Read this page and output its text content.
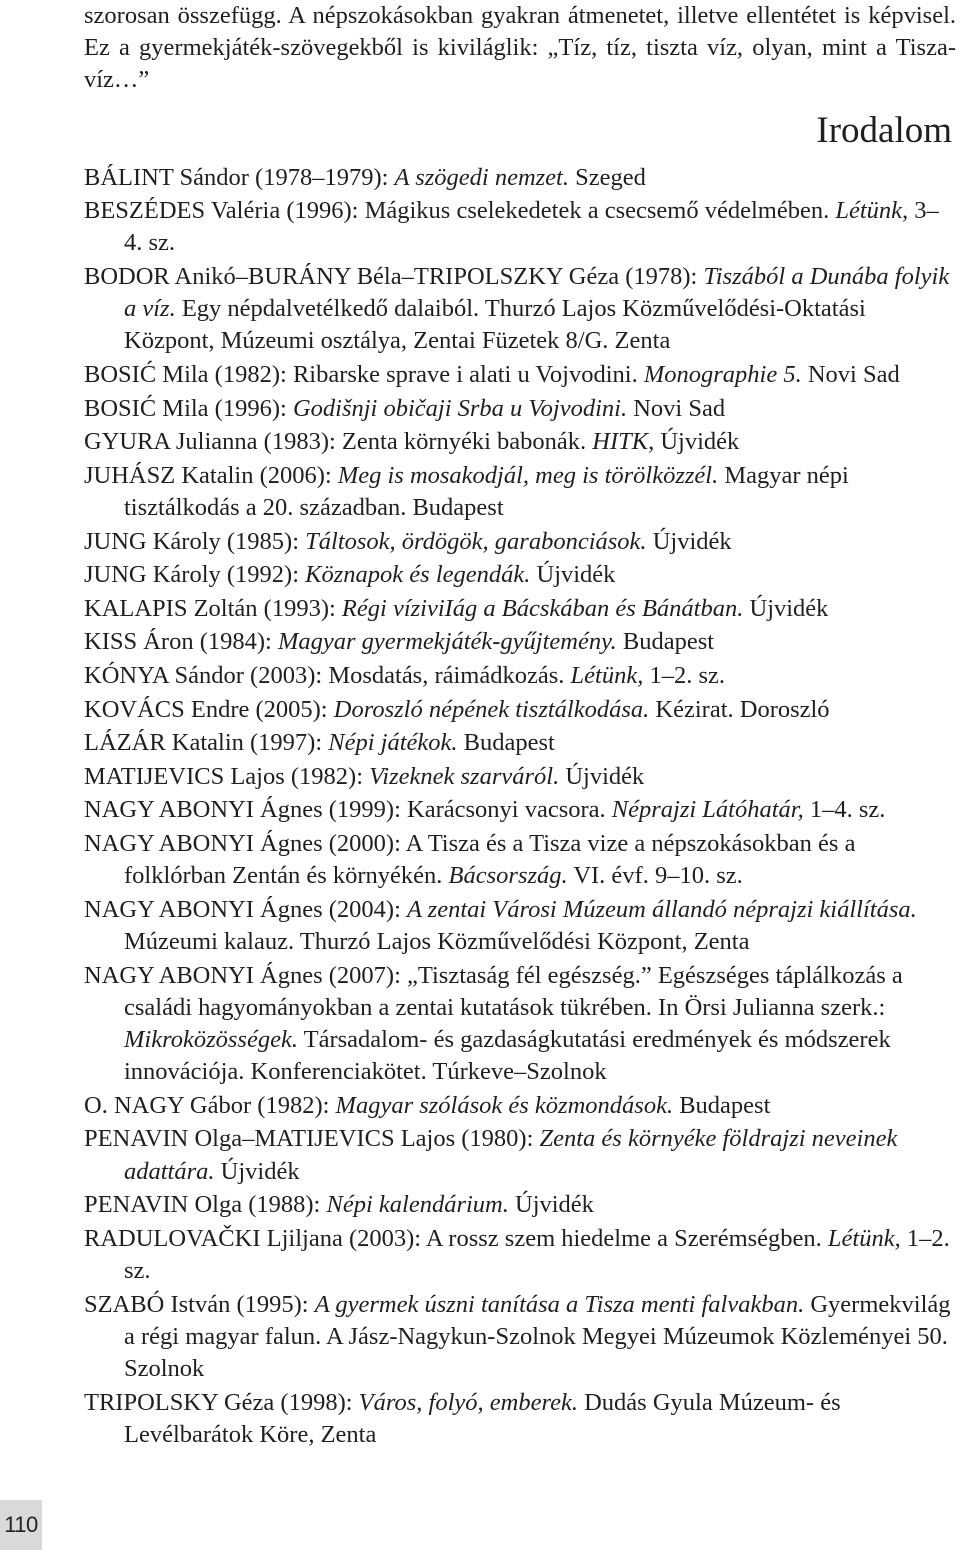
110

szorosan összefügg. A népszokásokban gyakran átmenetet, illetve ellentétet is képvisel. Ez a gyermekjáték-szövegekből is kiviláglik: „Tíz, tíz, tiszta víz, olyan, mint a Tisza-víz…”

Irodalom

BÁLINT Sándor (1978–1979): A szögedi nemzet. Szeged

BESZÉDES Valéria (1996): Mágikus cselekedetek a csecsemő védelmében. Létünk, 3–4. sz.

BODOR Anikó–BURÁNY Béla–TRIPOLSZKY Géza (1978): Tiszából a Dunába folyik a víz. Egy népdalvetélkedő dalaiból. Thurzó Lajos Közművelődési-Oktatási Központ, Múzeumi osztálya, Zentai Füzetek 8/G. Zenta

BOSIĆ Mila (1982): Ribarske sprave i alati u Vojvodini. Monographie 5. Novi Sad

BOSIĆ Mila (1996): Godišnji običaji Srba u Vojvodini. Novi Sad

GYURA Julianna (1983): Zenta környéki babonák. HITK, Újvidék

JUHÁSZ Katalin (2006): Meg is mosakodjál, meg is törölközzél. Magyar népi tisztálkodás a 20. században. Budapest

JUNG Károly (1985): Táltosok, ördögök, garabonciások. Újvidék

JUNG Károly (1992): Köznapok és legendák. Újvidék

KALAPIS Zoltán (1993): Régi víziviIág a Bácskában és Bánátban. Újvidék

KISS Áron (1984): Magyar gyermekjáték-gyűjtemény. Budapest

KÓNYA Sándor (2003): Mosdatás, ráimádkozás. Létünk, 1–2. sz.

KOVÁCS Endre (2005): Doroszló népének tisztálkodása. Kézirat. Doroszló

LÁZÁR Katalin (1997): Népi játékok. Budapest

MATIJEVICS Lajos (1982): Vizeknek szarváról. Újvidék

NAGY ABONYI Ágnes (1999): Karácsonyi vacsora. Néprajzi Látóhatár, 1–4. sz.

NAGY ABONYI Ágnes (2000): A Tisza és a Tisza vize a népszokásokban és a folklórban Zentán és környékén. Bácsország. VI. évf. 9–10. sz.

NAGY ABONYI Ágnes (2004): A zentai Városi Múzeum állandó néprajzi kiállítása. Múzeumi kalauz. Thurzó Lajos Közművelődési Központ, Zenta

NAGY ABONYI Ágnes (2007): „Tisztaság fél egészség.” Egészséges táplálkozás a családi hagyományokban a zentai kutatások tükrében. In Örsi Julianna szerk.: Mikroközösségek. Társadalom- és gazdaságkutatási eredmények és módszerek innovációja. Konferenciakötet. Túrkeve–Szolnok

O. NAGY Gábor (1982): Magyar szólások és közmondások. Budapest

PENAVIN Olga–MATIJEVICS Lajos (1980): Zenta és környéke földrajzi neveinek adattára. Újvidék

PENAVIN Olga (1988): Népi kalendárium. Újvidék

RADULOVAČKI Ljiljana (2003): A rossz szem hiedelme a Szerémségben. Létünk, 1–2. sz.

SZABÓ István (1995): A gyermek úszni tanítása a Tisza menti falvakban. Gyermekvilág a régi magyar falun. A Jász-Nagykun-Szolnok Megyei Múzeumok Közleményei 50. Szolnok

TRIPOLSKY Géza (1998): Város, folyó, emberek. Dudás Gyula Múzeum- és Levélbarátok Köre, Zenta
